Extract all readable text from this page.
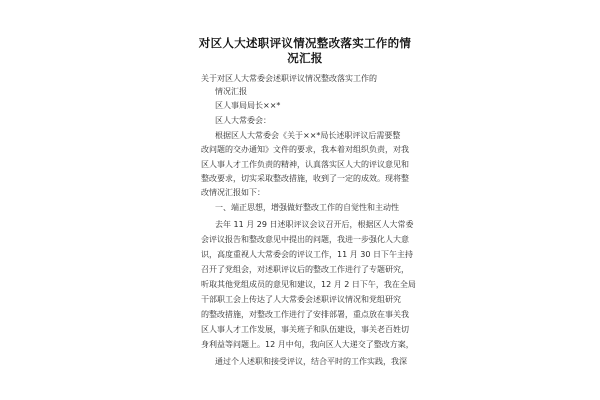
对区人大述职评议情况整改落实工作的情
况汇报
关于对区人大常委会述职评议情况整改落实工作的
情况汇报
区人事局局长××*
区人大常委会：
根据区人大常委会《关于××*局长述职评议后需要整
改问题的交办通知》文件的要求，我本着对组织负责，对我
区人事人才工作负责的精神，认真落实区人大的评议意见和
整改要求，切实采取整改措施，收到了一定的成效。现将整
改情况汇报如下：
一、端正思想，增强做好整改工作的自觉性和主动性
去年 11 月 29 日述职评议会议召开后，根据区人大常委
会评议报告和整改意见中提出的问题，我进一步强化人大意
识，高度重视人大常委会的评议工作，11 月 30 日下午主持
召开了党组会，对述职评议后的整改工作进行了专题研究，
听取其他党组成员的意见和建议，12 月 2 日下午，我在全局
干部职工会上传达了人大常委会述职评议情况和党组研究
的整改措施，对整改工作进行了安排部署，重点放在事关我
区人事人才工作发展，事关班子和队伍建设，事关老百姓切
身利益等问题上。12 月中旬，我向区人大递交了整改方案，
通过个人述职和接受评议，结合平时的工作实践，我深
